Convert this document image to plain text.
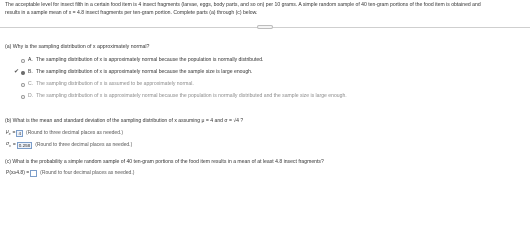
The acceptable level for insect filth in a certain food item is 4 insect fragments (larvae, eggs, body parts, and so on) per 10 grams. A simple random sample of 40 ten-gram portions of the food item is obtained and
results in a sample mean of x = 4.8 insect fragments per ten-gram portion. Complete parts (a) through (c) below.
(a) Why is the sampling distribution of x approximately normal?
A. The sampling distribution of x is approximately normal because the population is normally distributed.
✔ B. The sampling distribution of x is approximately normal because the sample size is large enough.
C. The sampling distribution of x is assumed to be approximately normal.
D. The sampling distribution of x is approximately normal because the population is normally distributed and the sample size is large enough.
(b) What is the mean and standard deviation of the sampling distribution of x assuming μ = 4 and σ = √4 ?
$\mu_x = 4$	(Round to three decimal places as needed.)
$\sigma_x = 0.258$	(Round to three decimal places as needed.)
(c) What is the probability a simple random sample of 40 ten-gram portions of the food item results in a mean of at least 4.8 insect fragments?
P(x≥4.8) = (Round to four decimal places as needed.)
